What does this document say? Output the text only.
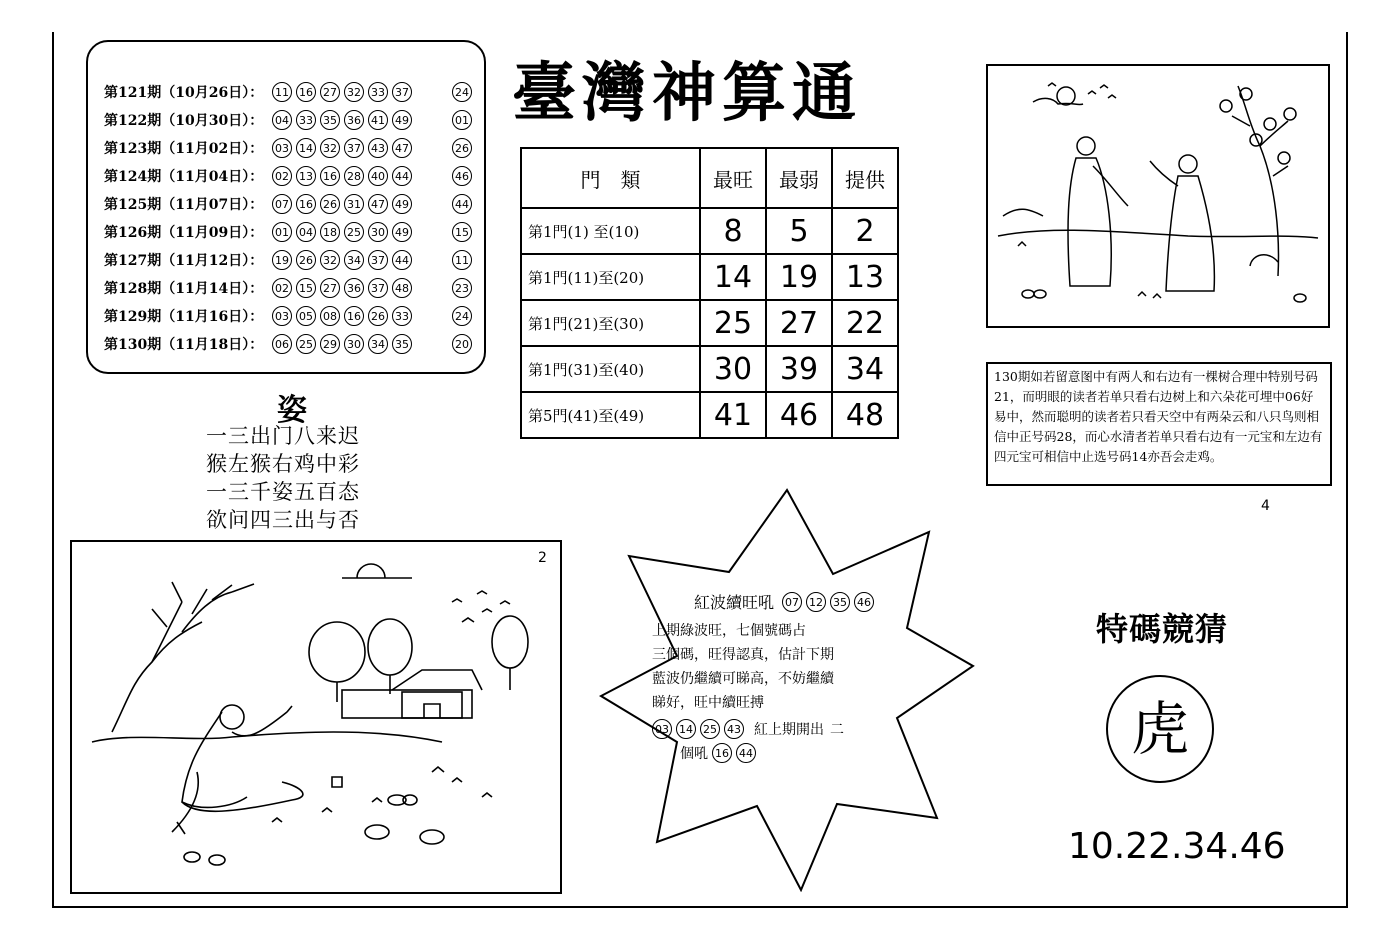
第121期（10月26日）：	11 16 27 32 33 37	24
第122期（10月30日）：	04 33 35 36 41 49	01
第123期（11月02日）：	03 14 32 37 43 47	26
第124期（11月04日）：	02 13 16 28 40 44	46
第125期（11月07日）：	07 16 26 31 47 49	44
第126期（11月09日）：	01 04 18 25 30 49	15
第127期（11月12日）：	19 26 32 34 37 44	11
第128期（11月14日）：	02 15 27 36 37 48	23
第129期（11月16日）：	03 05 08 16 26 33	24
第130期（11月18日）：	06 25 29 30 34 35	20
臺灣神算通
門　類	最旺	最弱	提供
第1門(1) 至(10)	8	5	2
第1門(11)至(20)	14	19	13
第1門(21)至(30)	25	27	22
第1門(31)至(40)	30	39	34
第5門(41)至(49)	41	46	48
姿
一三出门八来迟
猴左猴右鸡中彩
一三千姿五百态
欲问四三出与否
2
4
130期如若留意图中有两人和右边有一棵树合理中特别号码21，而明眼的读者若单只看右边树上和六朵花可埋中06好易中，然而聪明的读者若只看天空中有两朵云和八只鸟则相信中正号码28，而心水清者若单只看右边有一元宝和左边有四元宝可相信中止选号码14亦吾会走鸡。
紅波續旺吼 07 12 35 46
上期綠波旺，七個號碼占
三個碼，旺得認真，估計下期
藍波仍繼續可睇高，不妨繼續
睇好，旺中續旺搏
03 14 25 43 紅上期開出 二
個吼 16 44
特碼競猜
虎
10.22.34.46
